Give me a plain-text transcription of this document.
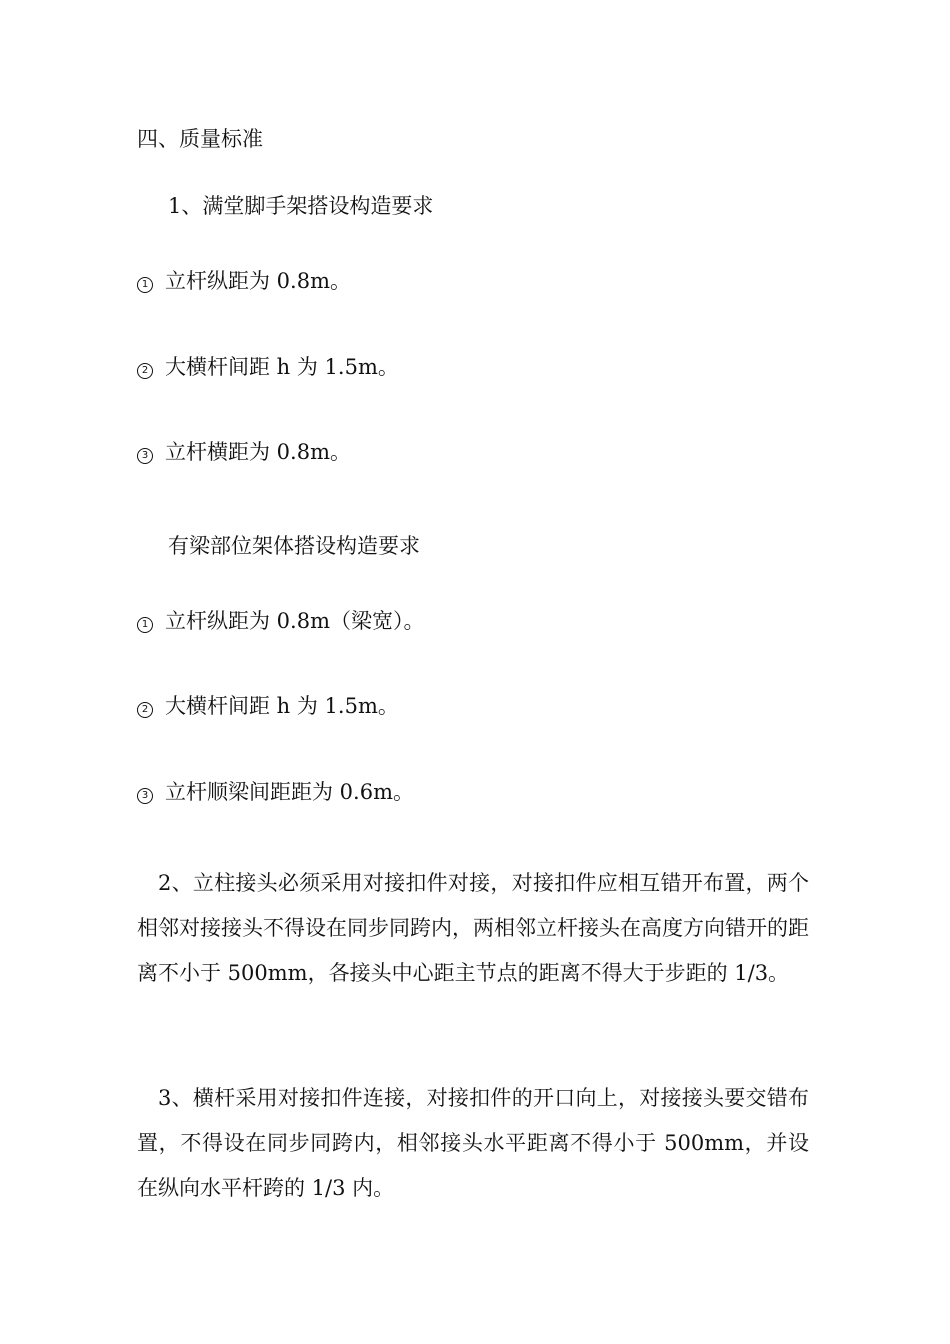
四、质量标准

1、满堂脚手架搭设构造要求

1 立杆纵距为 0.8m。

2 大横杆间距 h 为 1.5m。

3 立杆横距为 0.8m。

有梁部位架体搭设构造要求

1 立杆纵距为 0.8m（梁宽）。

2 大横杆间距 h 为 1.5m。

3 立杆顺梁间距距为 0.6m。

2、立柱接头必须采用对接扣件对接，对接扣件应相互错开布置，两个相邻对接接头不得设在同步同跨内，两相邻立杆接头在高度方向错开的距离不小于 500mm，各接头中心距主节点的距离不得大于步距的 1/3。

3、横杆采用对接扣件连接，对接扣件的开口向上，对接接头要交错布置，不得设在同步同跨内，相邻接头水平距离不得小于 500mm，并设在纵向水平杆跨的 1/3 内。
